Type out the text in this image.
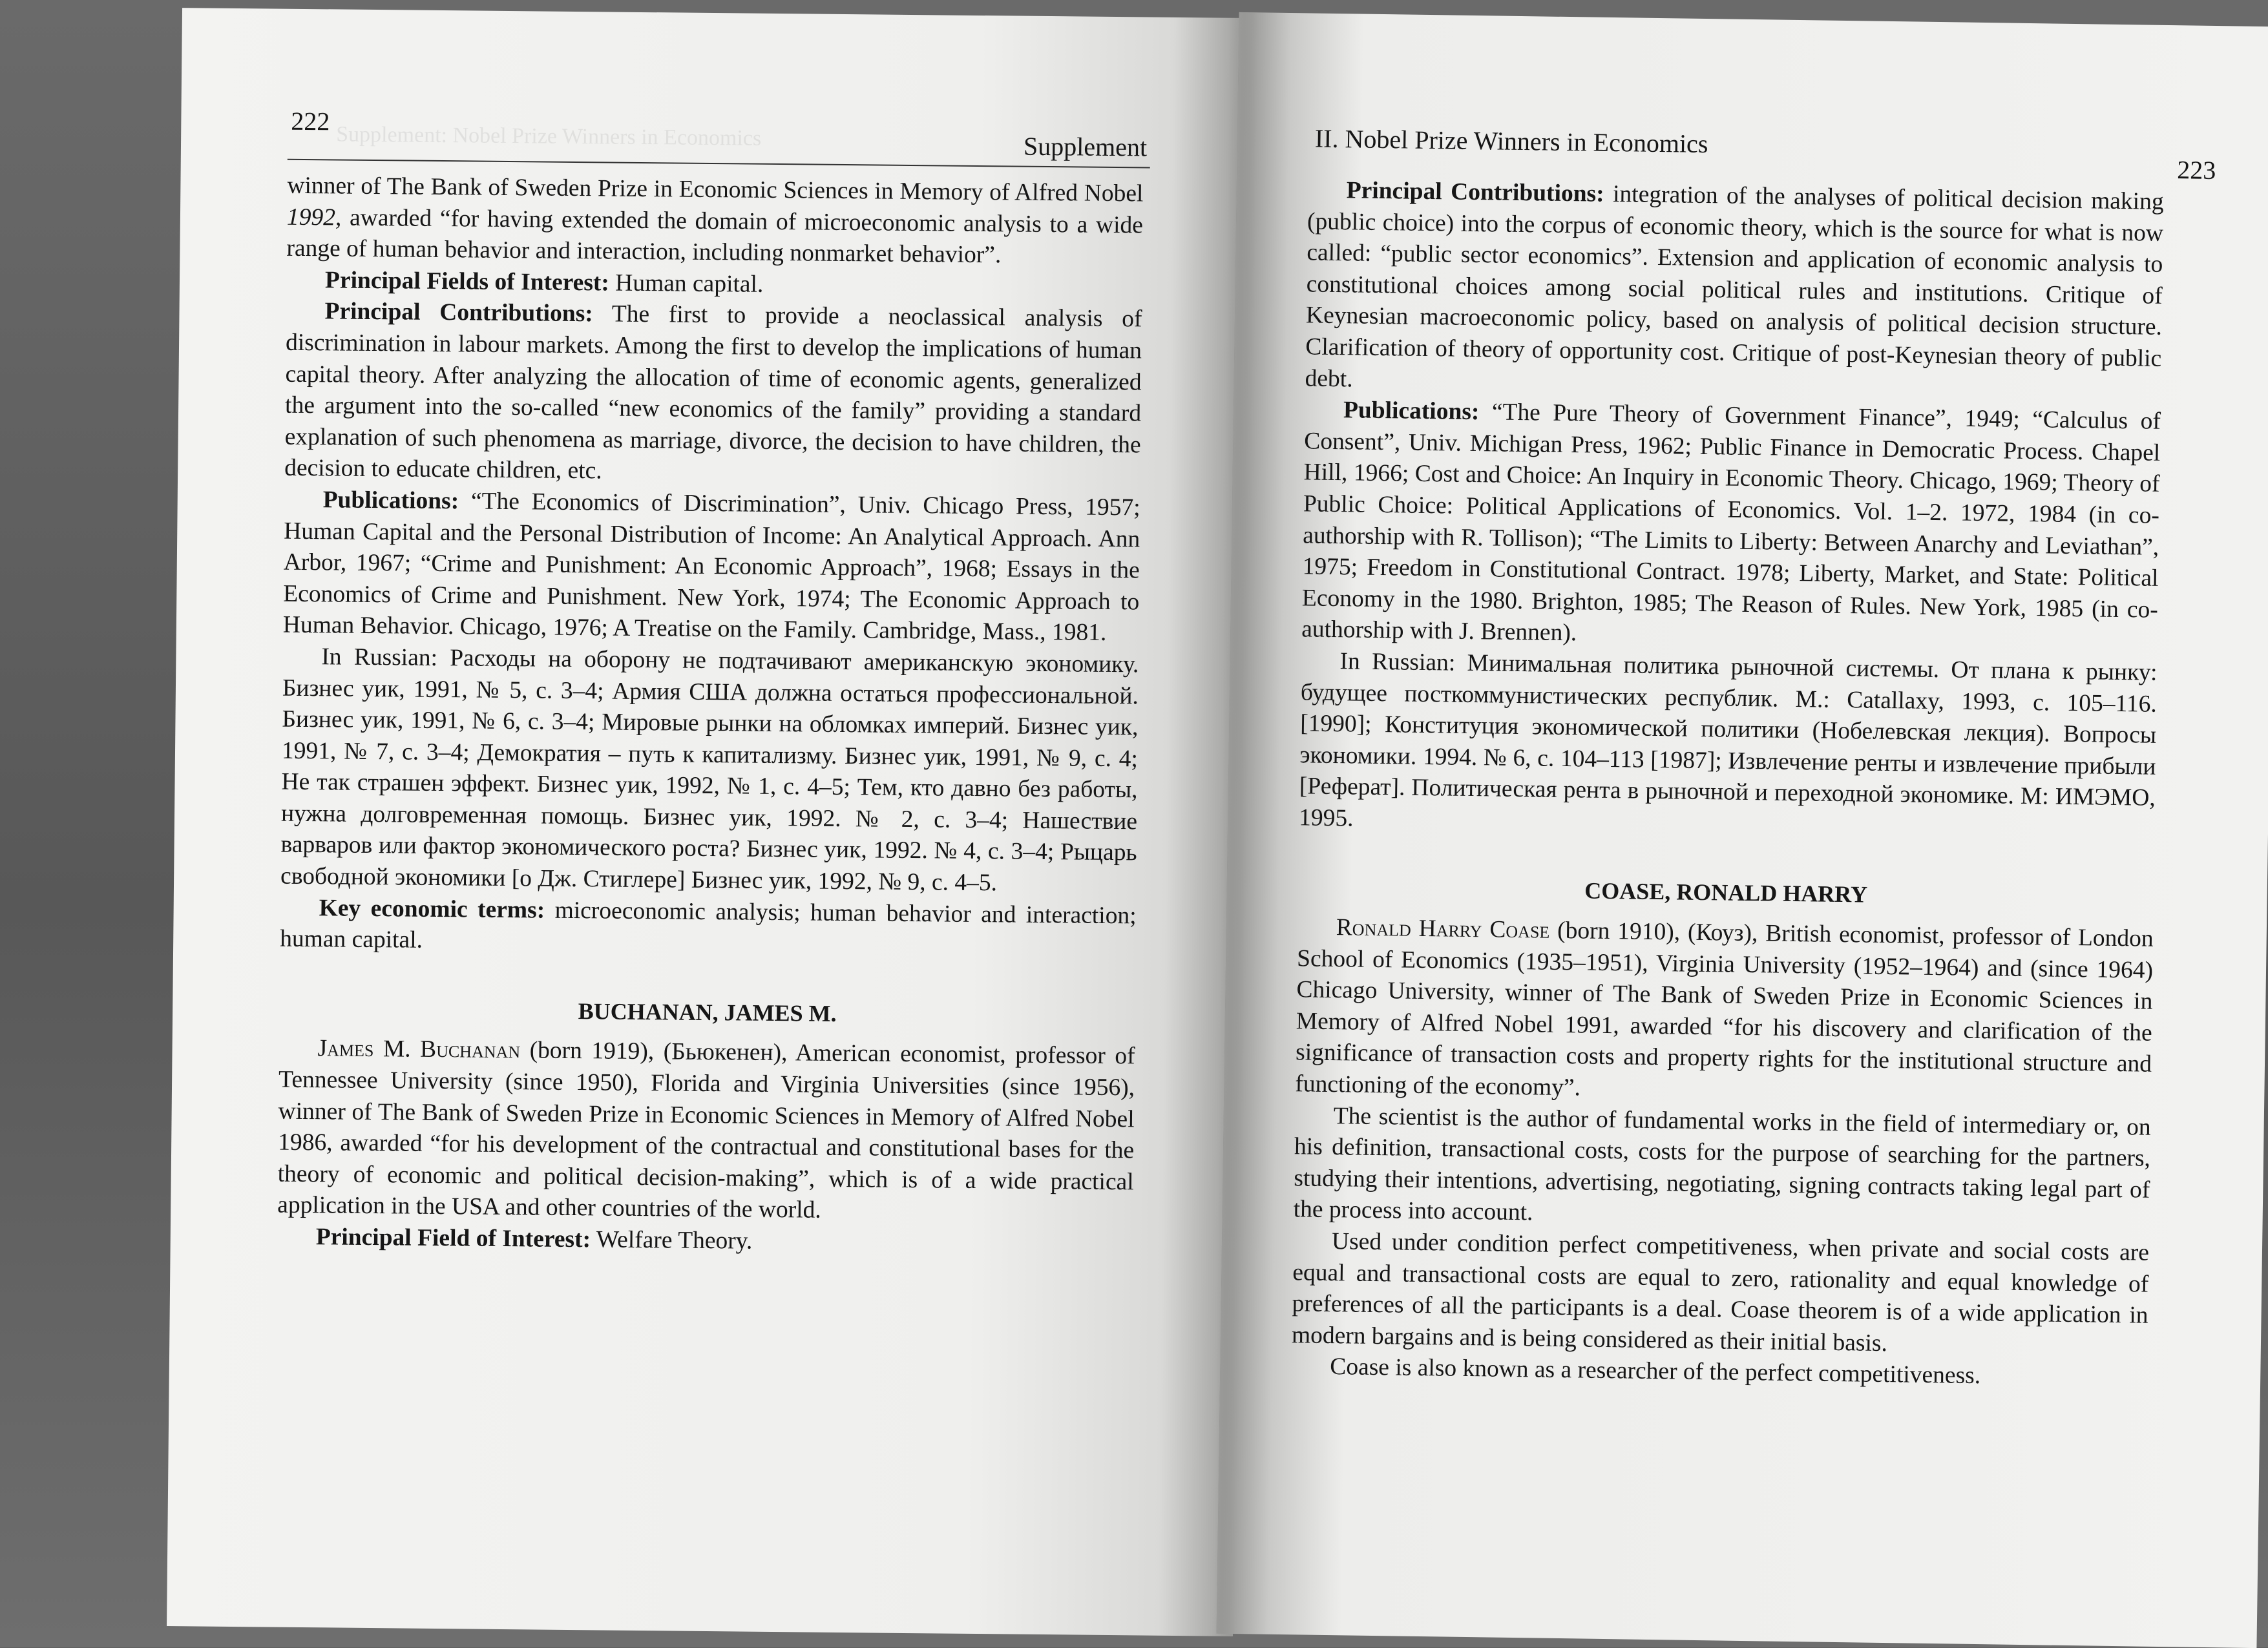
Supplement: Nobel Prize Winners in Economics
222
Supplement

winner of The Bank of Sweden Prize in Economic Sciences in Memory of Alfred Nobel 1992, awarded “for having extended the domain of microeconomic analysis to a wide range of human behavior and interaction, including nonmarket behavior”.

Principal Fields of Interest: Human capital.

Principal Contributions: The first to provide a neoclassical analysis of discrimination in labour markets. Among the first to develop the implications of human capital theory. After analyzing the allocation of time of economic agents, generalized the argument into the so-called “new economics of the family” providing a standard explanation of such phenomena as marriage, divorce, the decision to have children, the decision to educate children, etc.

Publications: “The Economics of Discrimination”, Univ. Chicago Press, 1957; Human Capital and the Personal Distribution of Income: An Analytical Approach. Ann Arbor, 1967; “Crime and Punishment: An Economic Approach”, 1968; Essays in the Economics of Crime and Punishment. New York, 1974; The Economic Approach to Human Behavior. Chicago, 1976; A Treatise on the Family. Cambridge, Mass., 1981.

In Russian: Расходы на оборону не подтачивают американскую экономику. Бизнес уик, 1991, № 5, с. 3–4; Армия США должна остаться профессиональной. Бизнес уик, 1991, № 6, с. 3–4; Мировые рынки на обломках империй. Бизнес уик, 1991, № 7, с. 3–4; Демократия – путь к капитализму. Бизнес уик, 1991, № 9, с. 4; Не так страшен эффект. Бизнес уик, 1992, № 1, с. 4–5; Тем, кто давно без работы, нужна долговременная помощь. Бизнес уик, 1992. № 2, с. 3–4; Нашествие варваров или фактор экономического роста? Бизнес уик, 1992. № 4, с. 3–4; Рыцарь свободной экономики [о Дж. Стиглере] Бизнес уик, 1992, № 9, с. 4–5.

Key economic terms: microeconomic analysis; human behavior and interaction; human capital.

BUCHANAN, JAMES M.

James M. Buchanan (born 1919), (Бьюкенен), American economist, professor of Tennessee University (since 1950), Florida and Virginia Universities (since 1956), winner of The Bank of Sweden Prize in Economic Sciences in Memory of Alfred Nobel 1986, awarded “for his development of the contractual and constitutional bases for the theory of economic and political decision-making”, which is of a wide practical application in the USA and other countries of the world.

Principal Field of Interest: Welfare Theory.

II. Nobel Prize Winners in Economics
223

Principal Contributions: integration of the analyses of political decision making (public choice) into the corpus of economic theory, which is the source for what is now called: “public sector economics”. Extension and application of economic analysis to constitutional choices among social political rules and institutions. Critique of Keynesian macroeconomic policy, based on analysis of political decision structure. Clarification of theory of opportunity cost. Critique of post-Keynesian theory of public debt.

Publications: “The Pure Theory of Government Finance”, 1949; “Calculus of Consent”, Univ. Michigan Press, 1962; Public Finance in Democratic Process. Chapel Hill, 1966; Cost and Choice: An Inquiry in Economic Theory. Chicago, 1969; Theory of Public Choice: Political Applications of Economics. Vol. 1–2. 1972, 1984 (in co-authorship with R. Tollison); “The Limits to Liberty: Between Anarchy and Leviathan”, 1975; Freedom in Constitutional Contract. 1978; Liberty, Market, and State: Political Economy in the 1980. Brighton, 1985; The Reason of Rules. New York, 1985 (in co-authorship with J. Brennen).

In Russian: Минимальная политика рыночной системы. От плана к рынку: будущее посткоммунистических республик. М.: Catallaxy, 1993, с. 105–116. [1990]; Конституция экономической политики (Нобелевская лекция). Вопросы экономики. 1994. № 6, с. 104–113 [1987]; Извлечение ренты и извлечение прибыли [Реферат]. Политическая рента в рыночной и переходной экономике. М: ИМЭМО, 1995.

COASE, RONALD HARRY

Ronald Harry Coase (born 1910), (Коуз), British economist, professor of London School of Economics (1935–1951), Virginia University (1952–1964) and (since 1964) Chicago University, winner of The Bank of Sweden Prize in Economic Sciences in Memory of Alfred Nobel 1991, awarded “for his discovery and clarification of the significance of transaction costs and property rights for the institutional structure and functioning of the economy”.

The scientist is the author of fundamental works in the field of intermediary or, on his definition, transactional costs, costs for the purpose of searching for the partners, studying their intentions, advertising, negotiating, signing contracts taking legal part of the process into account.

Used under condition perfect competitiveness, when private and social costs are equal and transactional costs are equal to zero, rationality and equal knowledge of preferences of all the participants is a deal. Coase theorem is of a wide application in modern bargains and is being considered as their initial basis.

Coase is also known as a researcher of the perfect competitiveness.
